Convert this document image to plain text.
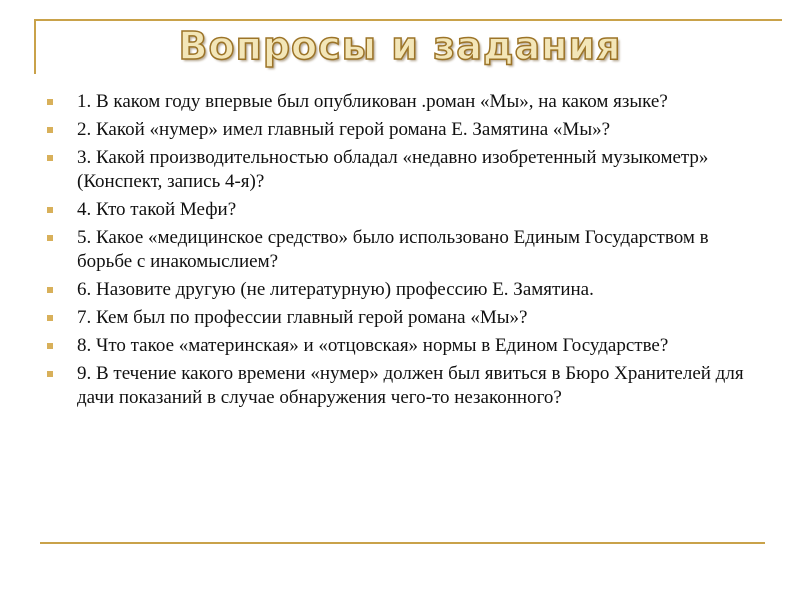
Вопросы и задания
1. В каком году впервые был опубликован .роман «Мы», на каком языке?
2. Какой «нумер» имел главный герой романа Е. Замятина «Мы»?
3. Какой производительностью обладал «недавно изобретенный музыкометр» (Конспект, запись 4-я)?
4. Кто такой Мефи?
5. Какое «медицинское средство» было использовано Единым Государством в борьбе с инакомыслием?
6. Назовите другую (не литературную) профессию Е. Замятина.
7. Кем был по профессии главный герой романа «Мы»?
8. Что такое «материнская» и «отцовская» нормы в Едином Государстве?
9. В течение какого времени «нумер» должен был явиться в Бюро Хранителей для дачи показаний в случае обнаружения чего-то незаконного?
